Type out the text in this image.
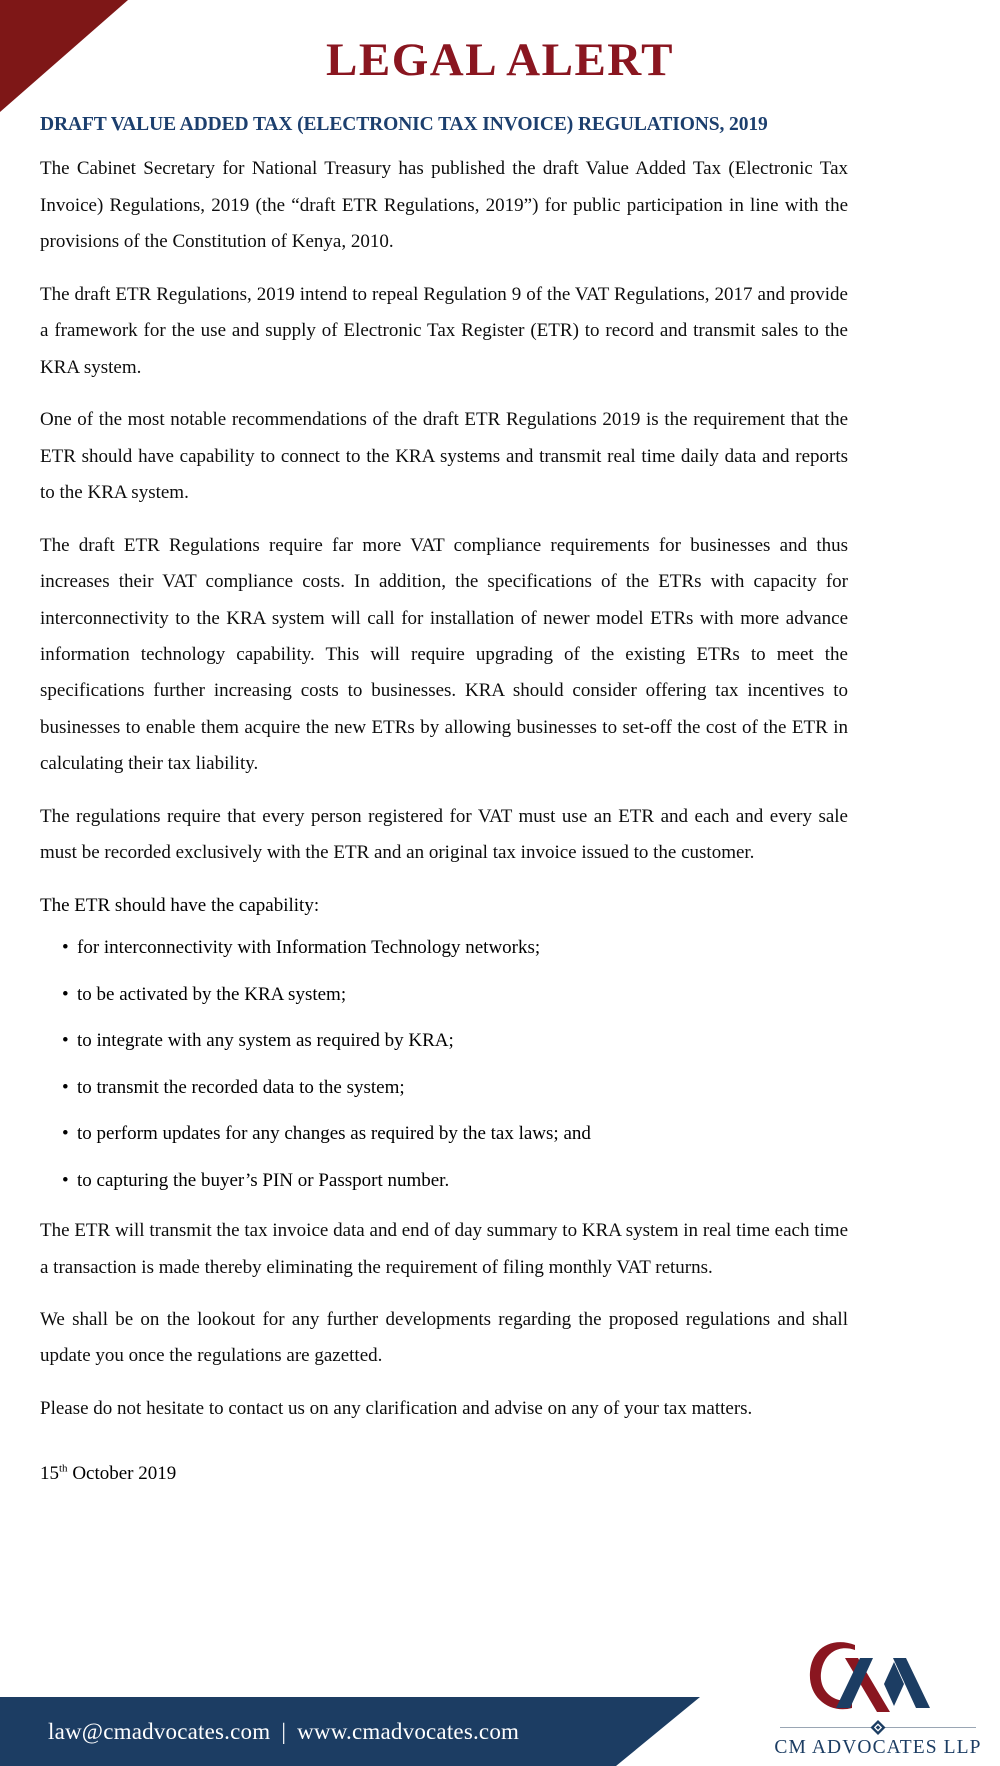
LEGAL ALERT
DRAFT VALUE ADDED TAX (ELECTRONIC TAX INVOICE) REGULATIONS, 2019

The Cabinet Secretary for National Treasury has published the draft Value Added Tax (Electronic Tax Invoice) Regulations, 2019 (the “draft ETR Regulations, 2019”) for public participation in line with the provisions of the Constitution of Kenya, 2010.

The draft ETR Regulations, 2019 intend to repeal Regulation 9 of the VAT Regulations, 2017 and provide a framework for the use and supply of Electronic Tax Register (ETR) to record and transmit sales to the KRA system.

One of the most notable recommendations of the draft ETR Regulations 2019 is the requirement that the ETR should have capability to connect to the KRA systems and transmit real time daily data and reports to the KRA system.

The draft ETR Regulations require far more VAT compliance requirements for businesses and thus increases their VAT compliance costs. In addition, the specifications of the ETRs with capacity for interconnectivity to the KRA system will call for installation of newer model ETRs with more advance information technology capability. This will require upgrading of the existing ETRs to meet the specifications further increasing costs to businesses. KRA should consider offering tax incentives to businesses to enable them acquire the new ETRs by allowing businesses to set-off the cost of the ETR in calculating their tax liability.

The regulations require that every person registered for VAT must use an ETR and each and every sale must be recorded exclusively with the ETR and an original tax invoice issued to the customer.

The ETR should have the capability:

• for interconnectivity with Information Technology networks;
• to be activated by the KRA system;
• to integrate with any system as required by KRA;
• to transmit the recorded data to the system;
• to perform updates for any changes as required by the tax laws; and
• to capturing the buyer’s PIN or Passport number.

The ETR will transmit the tax invoice data and end of day summary to KRA system in real time each time a transaction is made thereby eliminating the requirement of filing monthly VAT returns.

We shall be on the lookout for any further developments regarding the proposed regulations and shall update you once the regulations are gazetted.

Please do not hesitate to contact us on any clarification and advise on any of your tax matters.

15th October 2019
law@cmadvocates.com | www.cmadvocates.com
CM ADVOCATES LLP
